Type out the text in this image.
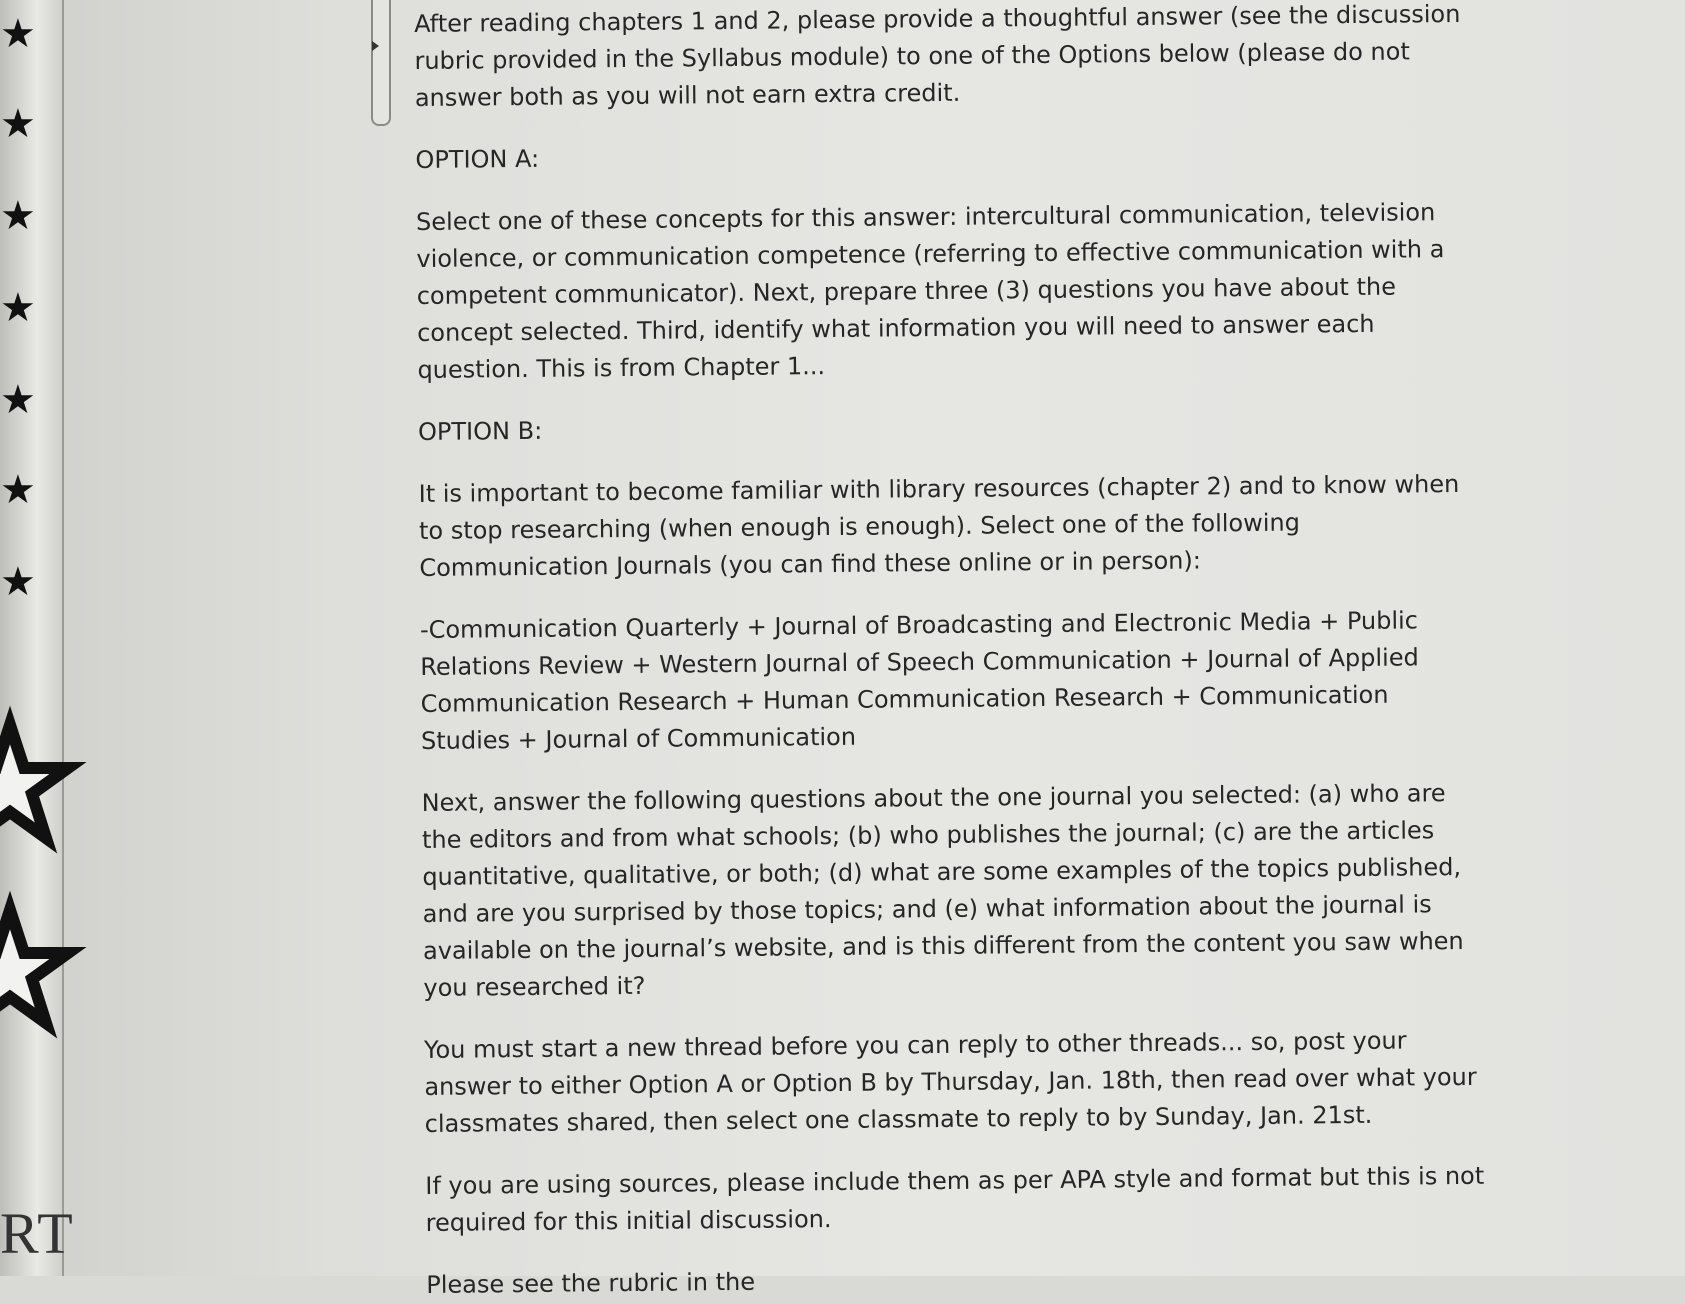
★
★
★
★
★
★
★
RT

After reading chapters 1 and 2, please provide a thoughtful answer (see the discussion rubric provided in the Syllabus module) to one of the Options below (please do not answer both as you will not earn extra credit.

OPTION A:

Select one of these concepts for this answer: intercultural communication, television violence, or communication competence (referring to effective communication with a competent communicator). Next, prepare three (3) questions you have about the concept selected. Third, identify what information you will need to answer each question. This is from Chapter 1...

OPTION B:

It is important to become familiar with library resources (chapter 2) and to know when to stop researching (when enough is enough). Select one of the following Communication Journals (you can find these online or in person):

-Communication Quarterly + Journal of Broadcasting and Electronic Media + Public Relations Review + Western Journal of Speech Communication + Journal of Applied Communication Research + Human Communication Research + Communication Studies + Journal of Communication

Next, answer the following questions about the one journal you selected: (a) who are the editors and from what schools; (b) who publishes the journal; (c) are the articles quantitative, qualitative, or both; (d) what are some examples of the topics published, and are you surprised by those topics; and (e) what information about the journal is available on the journal’s website, and is this different from the content you saw when you researched it?

You must start a new thread before you can reply to other threads... so, post your answer to either Option A or Option B by Thursday, Jan. 18th, then read over what your classmates shared, then select one classmate to reply to by Sunday, Jan. 21st.

If you are using sources, please include them as per APA style and format but this is not required for this initial discussion.

Please see the rubric in the
